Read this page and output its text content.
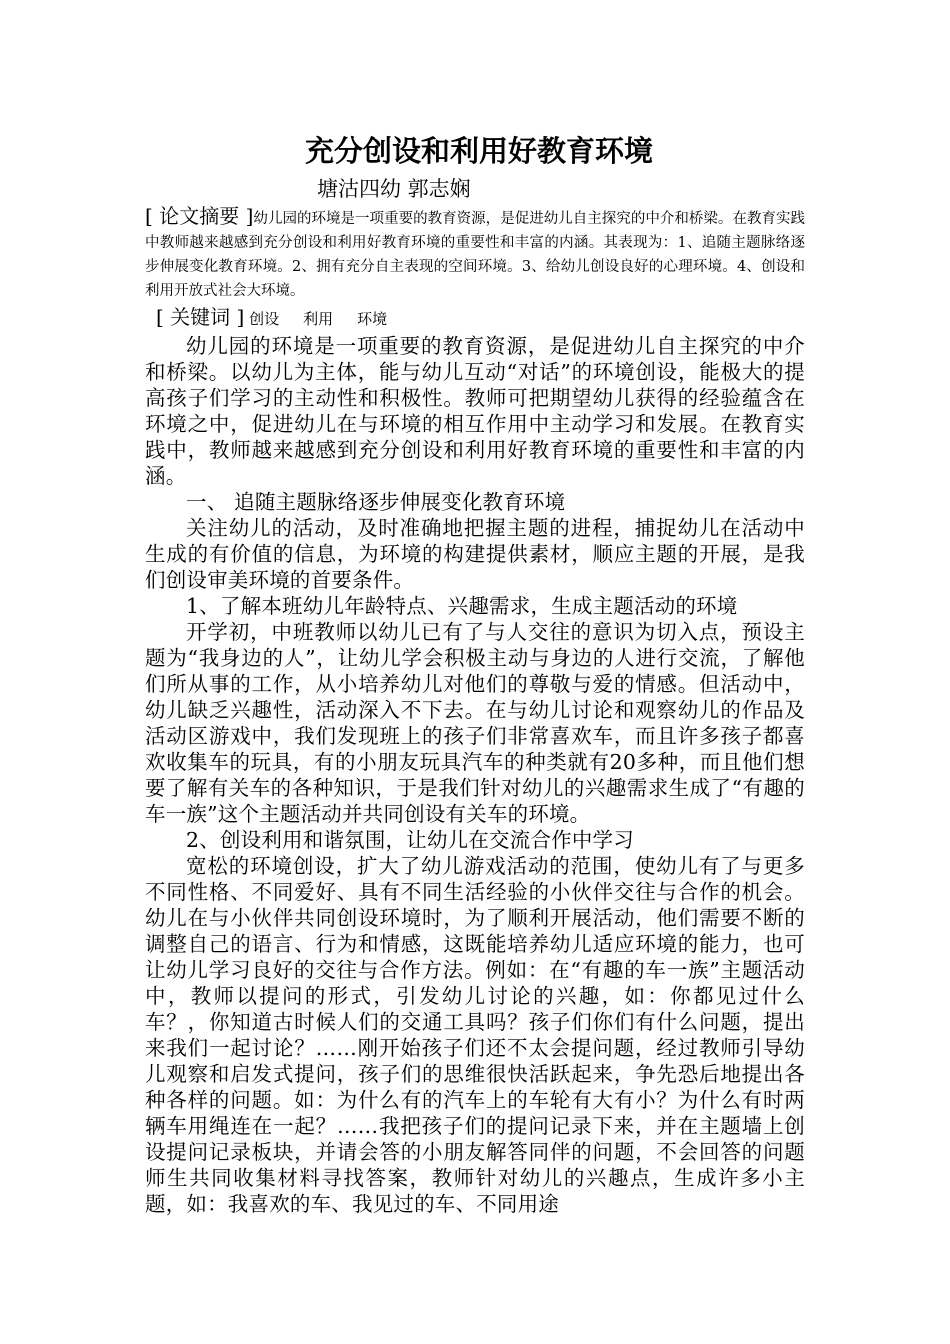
充分创设和利用好教育环境

塘沽四幼 郭志娴

[ 论文摘要 ]幼儿园的环境是一项重要的教育资源，是促进幼儿自主探究的中介和桥梁。在教育实践中教师越来越感到充分创设和利用好教育环境的重要性和丰富的内涵。其表现为：1、追随主题脉络逐步伸展变化教育环境。2、拥有充分自主表现的空间环境。3、给幼儿创设良好的心理环境。4、创设和利用开放式社会大环境。

[ 关键词 ] 创设 利用 环境

幼儿园的环境是一项重要的教育资源，是促进幼儿自主探究的中介和桥梁。以幼儿为主体，能与幼儿互动“对话”的环境创设，能极大的提高孩子们学习的主动性和积极性。教师可把期望幼儿获得的经验蕴含在环境之中，促进幼儿在与环境的相互作用中主动学习和发展。在教育实践中，教师越来越感到充分创设和利用好教育环境的重要性和丰富的内涵。

一、 追随主题脉络逐步伸展变化教育环境

关注幼儿的活动，及时准确地把握主题的进程，捕捉幼儿在活动中生成的有价值的信息，为环境的构建提供素材，顺应主题的开展，是我们创设审美环境的首要条件。

1、了解本班幼儿年龄特点、兴趣需求，生成主题活动的环境

开学初，中班教师以幼儿已有了与人交往的意识为切入点，预设主题为“我身边的人”，让幼儿学会积极主动与身边的人进行交流，了解他们所从事的工作，从小培养幼儿对他们的尊敬与爱的情感。但活动中，幼儿缺乏兴趣性，活动深入不下去。在与幼儿讨论和观察幼儿的作品及活动区游戏中，我们发现班上的孩子们非常喜欢车，而且许多孩子都喜欢收集车的玩具，有的小朋友玩具汽车的种类就有20多种，而且他们想要了解有关车的各种知识，于是我们针对幼儿的兴趣需求生成了“有趣的车一族”这个主题活动并共同创设有关车的环境。

2、创设利用和谐氛围，让幼儿在交流合作中学习

宽松的环境创设，扩大了幼儿游戏活动的范围，使幼儿有了与更多不同性格、不同爱好、具有不同生活经验的小伙伴交往与合作的机会。幼儿在与小伙伴共同创设环境时，为了顺利开展活动，他们需要不断的调整自己的语言、行为和情感，这既能培养幼儿适应环境的能力，也可让幼儿学习良好的交往与合作方法。例如：在“有趣的车一族”主题活动中，教师以提问的形式，引发幼儿讨论的兴趣，如：你都见过什么车？，你知道古时候人们的交通工具吗？孩子们你们有什么问题，提出来我们一起讨论？……刚开始孩子们还不太会提问题，经过教师引导幼儿观察和启发式提问，孩子们的思维很快活跃起来，争先恐后地提出各种各样的问题。如：为什么有的汽车上的车轮有大有小？为什么有时两辆车用绳连在一起？……我把孩子们的提问记录下来，并在主题墙上创设提问记录板块，并请会答的小朋友解答同伴的问题，不会回答的问题师生共同收集材料寻找答案，教师针对幼儿的兴趣点，生成许多小主题，如：我喜欢的车、我见过的车、不同用途
